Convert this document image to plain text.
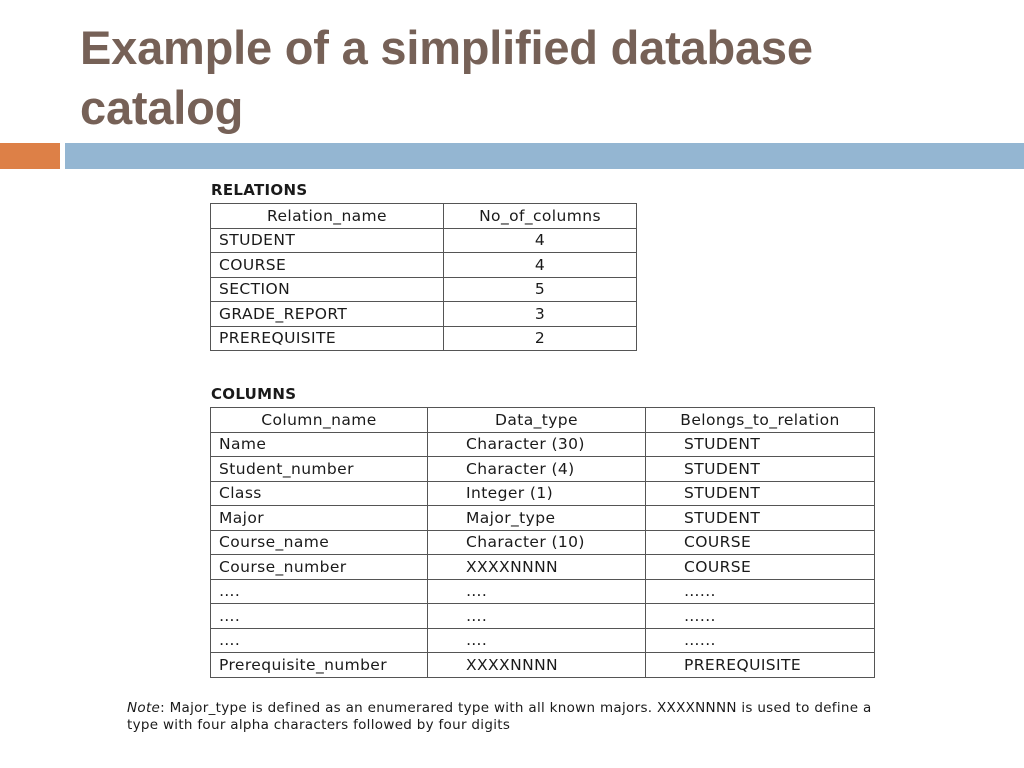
Example of a simplified database catalog

RELATIONS

Relation_name	No_of_columns
STUDENT	4
COURSE	4
SECTION	5
GRADE_REPORT	3
PREREQUISITE	2

COLUMNS

Column_name	Data_type	Belongs_to_relation
Name	Character (30)	STUDENT
Student_number	Character (4)	STUDENT
Class	Integer (1)	STUDENT
Major	Major_type	STUDENT
Course_name	Character (10)	COURSE
Course_number	XXXXNNNN	COURSE
….	….	…...
….	….	…...
….	….	…...
Prerequisite_number	XXXXNNNN	PREREQUISITE

Note: Major_type is defined as an enumerared type with all known majors. XXXXNNNN is used to define a type with four alpha characters followed by four digits
